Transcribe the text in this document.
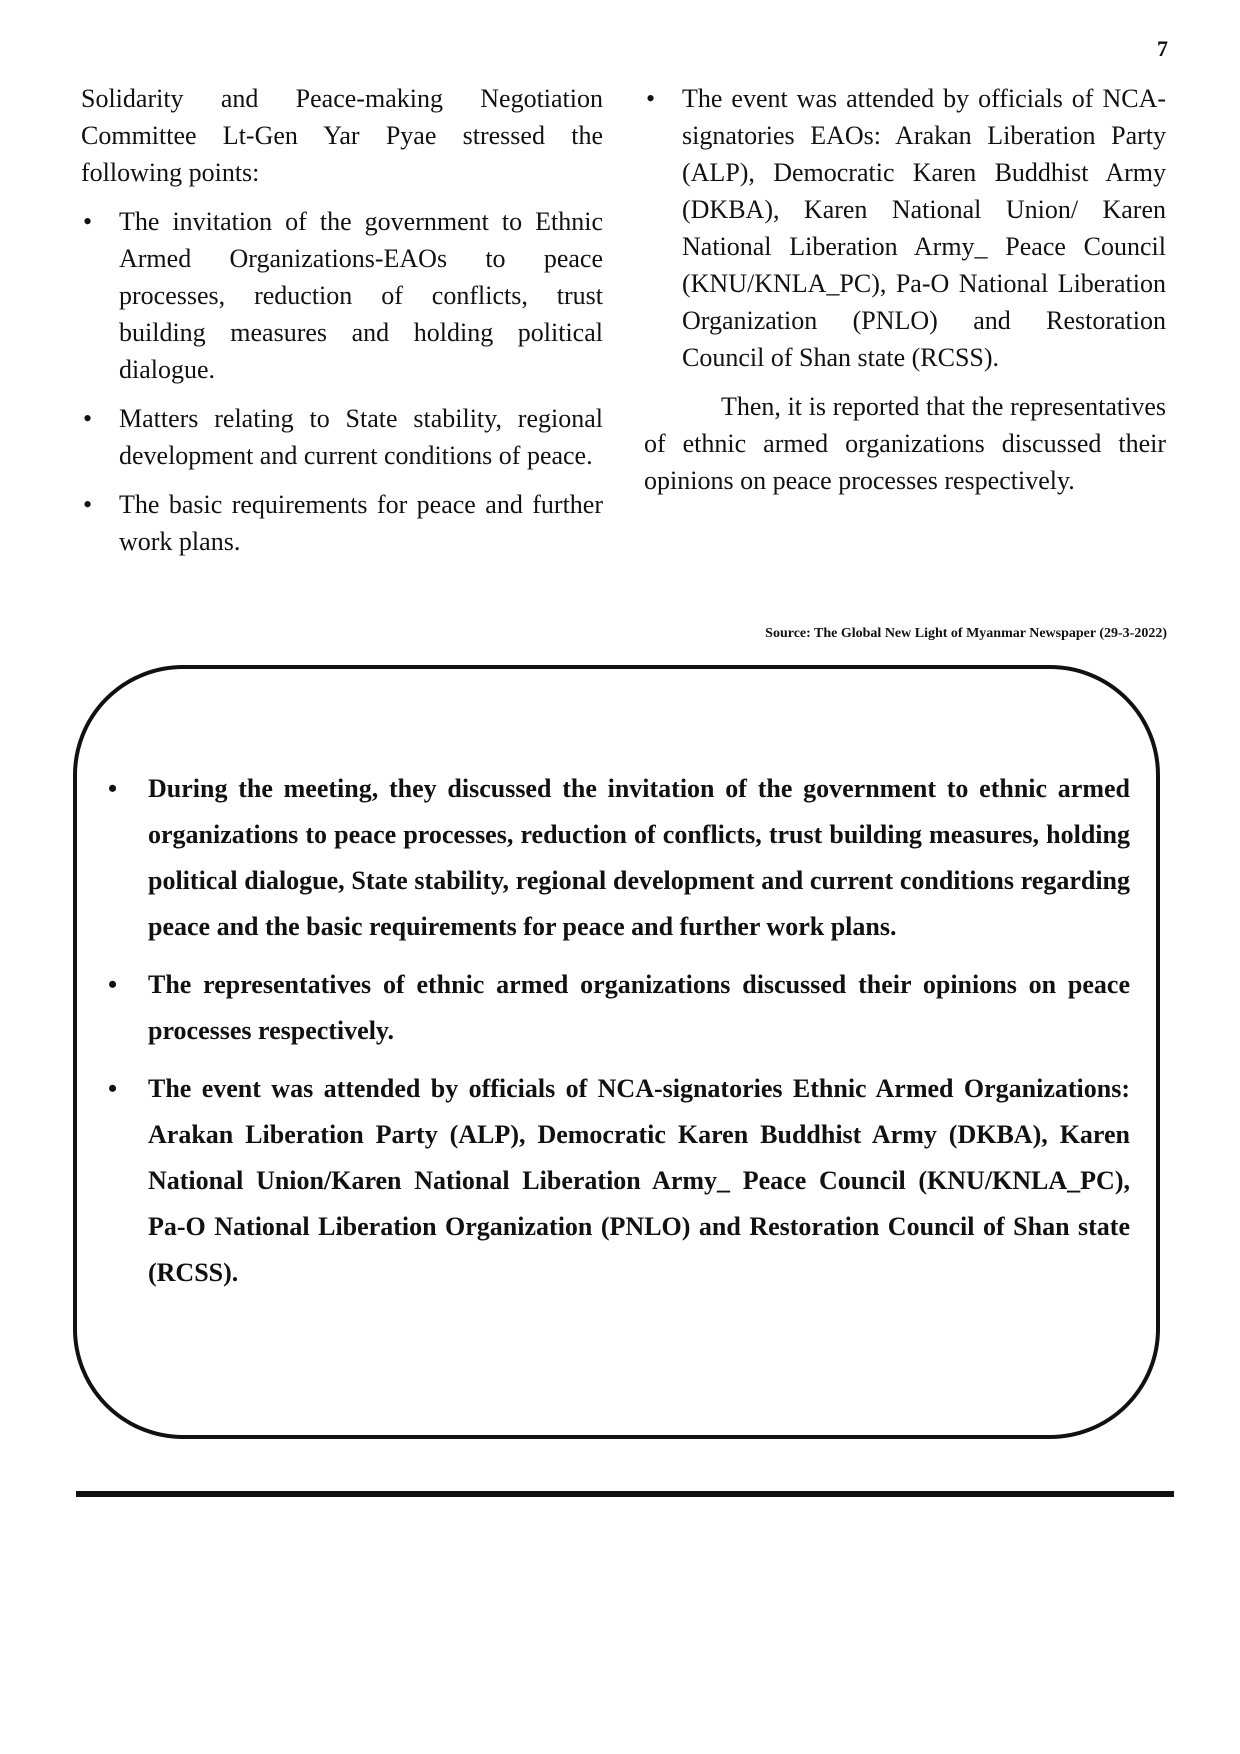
7

Solidarity and Peace-making Negotiation Committee Lt-Gen Yar Pyae stressed the following points:

• The invitation of the government to Ethnic Armed Organizations-EAOs to peace processes, reduction of conflicts, trust building measures and holding political dialogue.
• Matters relating to State stability, regional development and current conditions of peace.
• The basic requirements for peace and further work plans.
• The event was attended by officials of NCA-signatories EAOs: Arakan Liberation Party (ALP), Democratic Karen Buddhist Army (DKBA), Karen National Union/ Karen National Liberation Army_ Peace Council (KNU/KNLA_PC), Pa-O National Liberation Organization (PNLO) and Restoration Council of Shan state (RCSS).

Then, it is reported that the representatives of ethnic armed organizations discussed their opinions on peace processes respectively.

Source: The Global New Light of Myanmar Newspaper (29-3-2022)
• During the meeting, they discussed the invitation of the government to ethnic armed organizations to peace processes, reduction of conflicts, trust building measures, holding political dialogue, State stability, regional development and current conditions regarding peace and the basic requirements for peace and further work plans.
• The representatives of ethnic armed organizations discussed their opinions on peace processes respectively.
• The event was attended by officials of NCA-signatories Ethnic Armed Organizations: Arakan Liberation Party (ALP), Democratic Karen Buddhist Army (DKBA), Karen National Union/Karen National Liberation Army_ Peace Council (KNU/KNLA_PC), Pa-O National Liberation Organization (PNLO) and Restoration Council of Shan state (RCSS).
